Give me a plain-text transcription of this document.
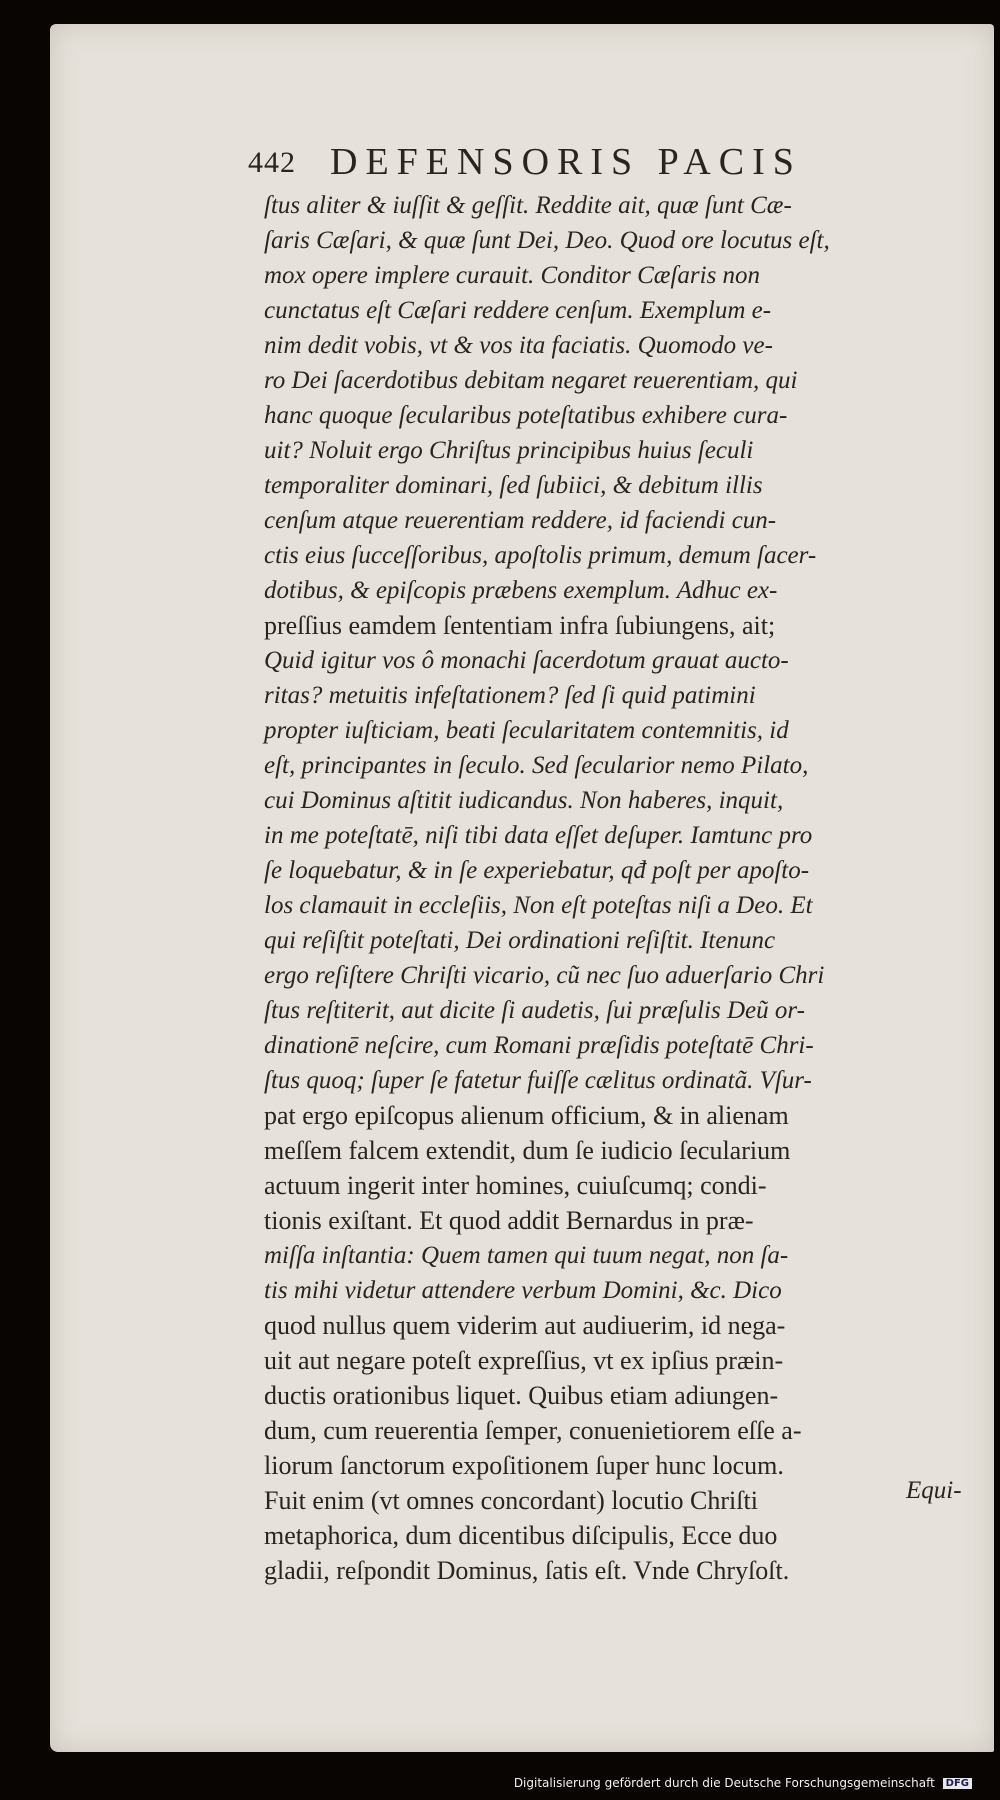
442 DEFENSORIS PACIS
ſtus aliter & iuſſit & geſſit. Reddite ait, quæ ſunt Cæ-
ſaris Cæſari, & quæ ſunt Dei, Deo. Quod ore locutus eſt,
mox opere implere curauit. Conditor Cæſaris non
cunctatus eſt Cæſari reddere cenſum. Exemplum e-
nim dedit vobis, vt & vos ita faciatis. Quomodo ve-
ro Dei ſacerdotibus debitam negaret reuerentiam, qui
hanc quoque ſecularibus poteſtatibus exhibere cura-
uit? Noluit ergo Chriſtus principibus huius ſeculi
temporaliter dominari, ſed ſubiici, & debitum illis
cenſum atque reuerentiam reddere, id faciendi cun-
ctis eius ſucceſſoribus, apoſtolis primum, demum ſacer-
dotibus, & epiſcopis præbens exemplum. Adhuc ex-
preſſius eamdem ſententiam infra ſubiungens, ait;
Quid igitur vos ô monachi ſacerdotum grauat aucto-
ritas? metuitis infeſtationem? ſed ſi quid patimini
propter iuſticiam, beati ſecularitatem contemnitis, id
eſt, principantes in ſeculo. Sed ſecularior nemo Pilato,
cui Dominus aſtitit iudicandus. Non haberes, inquit,
in me poteſtatē, niſi tibi data eſſet deſuper. Iamtunc pro
ſe loquebatur, & in ſe experiebatur, qđ poſt per apoſto-
los clamauit in eccleſiis, Non eſt poteſtas niſi a Deo. Et
qui reſiſtit poteſtati, Dei ordinationi reſiſtit. Itenunc
ergo reſiſtere Chriſti vicario, cũ nec ſuo aduerſario Chri
ſtus reſtiterit, aut dicite ſi audetis, ſui præſulis Deũ or-
dinationē neſcire, cum Romani præſidis poteſtatē Chri-
ſtus quoq; ſuper ſe fatetur fuiſſe cælitus ordinatã. Vſur-
pat ergo epiſcopus alienum officium, & in alienam
meſſem falcem extendit, dum ſe iudicio ſecularium
actuum ingerit inter homines, cuiuſcumq; condi-
tionis exiſtant. Et quod addit Bernardus in præ-
miſſa inſtantia: Quem tamen qui tuum negat, non ſa-
tis mihi videtur attendere verbum Domini, &c. Dico
quod nullus quem viderim aut audiuerim, id nega-
uit aut negare poteſt expreſſius, vt ex ipſius præin-
ductis orationibus liquet. Quibus etiam adiungen-
dum, cum reuerentia ſemper, conuenietiorem eſſe a-
liorum ſanctorum expoſitionem ſuper hunc locum.
Fuit enim (vt omnes concordant) locutio Chriſti
metaphorica, dum dicentibus diſcipulis, Ecce duo
gladii, reſpondit Dominus, ſatis eſt. Vnde Chryſoſt.
Equi-
Digitalisierung gefördert durch die Deutsche Forschungsgemeinschaft DFG
